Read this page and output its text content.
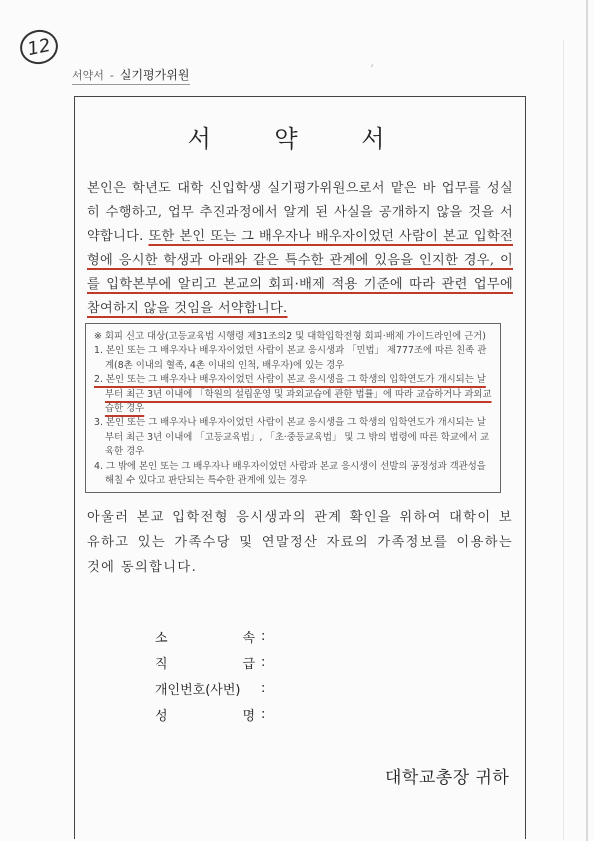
12
서약서 - 실기평가위원	‘
서 약 서

본인은 학년도 대학 신입학생 실기평가위원으로서 맡은 바 업무를 성실히 수행하고, 업무 추진과정에서 알게 된 사실을 공개하지 않을 것을 서약합니다. 또한 본인 또는 그 배우자나 배우자이었던 사람이 본교 입학전형에 응시한 학생과 아래와 같은 특수한 관계에 있음을 인지한 경우, 이를 입학본부에 알리고 본교의 회피·배제 적용 기준에 따라 관련 업무에 참여하지 않을 것임을 서약합니다.

※ 회피 신고 대상(고등교육법 시행령 제31조의2 및 대학입학전형 회피·배제 가이드라인에 근거)

1. 본인 또는 그 배우자나 배우자이었던 사람이 본교 응시생과 「민법」 제777조에 따른 친족 관계(8촌 이내의 혈족, 4촌 이내의 인척, 배우자)에 있는 경우

2. 본인 또는 그 배우자나 배우자이었던 사람이 본교 응시생을 그 학생의 입학연도가 개시되는 날부터 최근 3년 이내에 「학원의 설립운영 및 과외교습에 관한 법률」에 따라 교습하거나 과외교습한 경우

3. 본인 또는 그 배우자나 배우자이었던 사람이 본교 응시생을 그 학생의 입학연도가 개시되는 날부터 최근 3년 이내에 「고등교육법」, 「초·중등교육법」 및 그 밖의 법령에 따른 학교에서 교육한 경우

4. 그 밖에 본인 또는 그 배우자나 배우자이었던 사람과 본교 응시생이 선발의 공정성과 객관성을 해칠 수 있다고 판단되는 특수한 관계에 있는 경우

아울러 본교 입학전형 응시생과의 관계 확인을 위하여 대학이 보유하고 있는 가족수당 및 연말정산 자료의 가족정보를 이용하는 것에 동의합니다.

소	속 :
직	급 :
개인번호(사번)	:
성	명 :
대학교총장 귀하
